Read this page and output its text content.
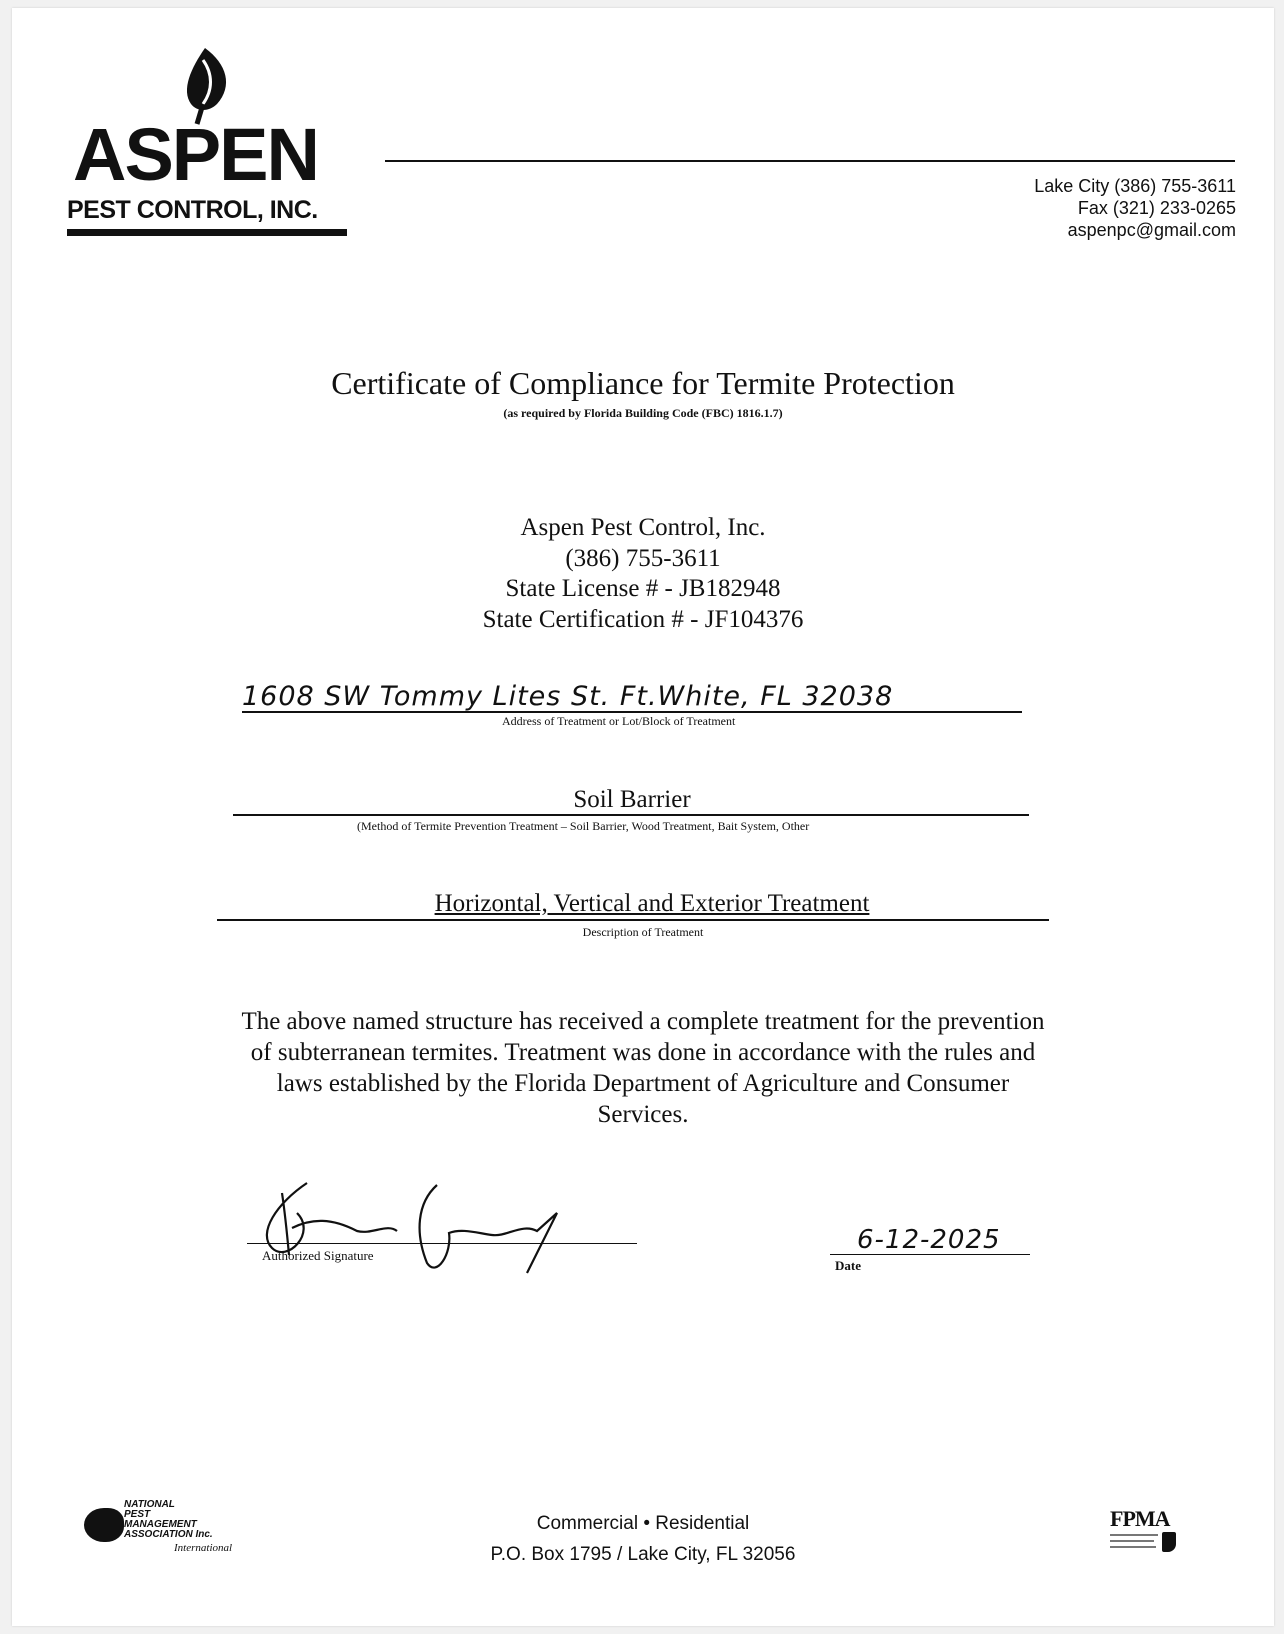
ASPEN
PEST CONTROL, INC.
Lake City (386) 755-3611
Fax (321) 233-0265
aspenpc@gmail.com
Certificate of Compliance for Termite Protection
(as required by Florida Building Code (FBC) 1816.1.7)
Aspen Pest Control, Inc.
(386) 755-3611
State License # - JB182948
State Certification # - JF104376
1608 SW Tommy Lites St. Ft.White, FL 32038
Address of Treatment or Lot/Block of Treatment
Soil Barrier
(Method of Termite Prevention Treatment – Soil Barrier, Wood Treatment, Bait System, Other
Horizontal, Vertical and Exterior Treatment
Description of Treatment
The above named structure has received a complete treatment for the prevention of subterranean termites. Treatment was done in accordance with the rules and laws established by the Florida Department of Agriculture and Consumer Services.
Authorized Signature
6-12-2025
Date
NATIONAL
PEST
MANAGEMENT
ASSOCIATION Inc.
International
Commercial • Residential
P.O. Box 1795 / Lake City, FL 32056
FPMA
